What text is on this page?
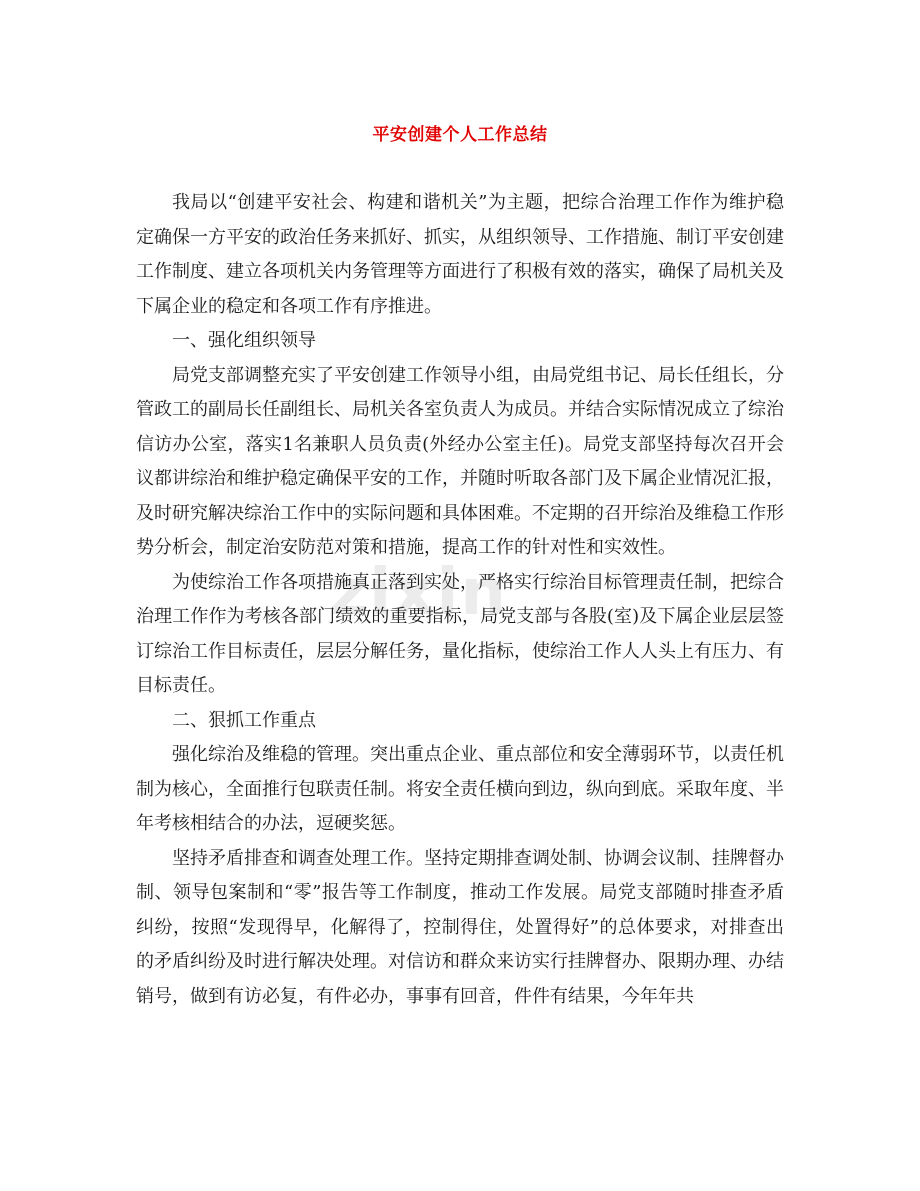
平安创建个人工作总结
zixin

我局以“创建平安社会、构建和谐机关”为主题，把综合治理工作作为维护稳定确保一方平安的政治任务来抓好、抓实，从组织领导、工作措施、制订平安创建工作制度、建立各项机关内务管理等方面进行了积极有效的落实，确保了局机关及下属企业的稳定和各项工作有序推进。

一、强化组织领导

局党支部调整充实了平安创建工作领导小组，由局党组书记、局长任组长，分管政工的副局长任副组长、局机关各室负责人为成员。并结合实际情况成立了综治信访办公室，落实1名兼职人员负责(外经办公室主任)。局党支部坚持每次召开会议都讲综治和维护稳定确保平安的工作，并随时听取各部门及下属企业情况汇报，及时研究解决综治工作中的实际问题和具体困难。不定期的召开综治及维稳工作形势分析会，制定治安防范对策和措施，提高工作的针对性和实效性。

为使综治工作各项措施真正落到实处，严格实行综治目标管理责任制，把综合治理工作作为考核各部门绩效的重要指标，局党支部与各股(室)及下属企业层层签订综治工作目标责任，层层分解任务，量化指标，使综治工作人人头上有压力、有目标责任。

二、狠抓工作重点

强化综治及维稳的管理。突出重点企业、重点部位和安全薄弱环节，以责任机制为核心，全面推行包联责任制。将安全责任横向到边，纵向到底。采取年度、半年考核相结合的办法，逗硬奖惩。

坚持矛盾排查和调查处理工作。坚持定期排查调处制、协调会议制、挂牌督办制、领导包案制和“零”报告等工作制度，推动工作发展。局党支部随时排查矛盾纠纷，按照“发现得早，化解得了，控制得住，处置得好”的总体要求，对排查出的矛盾纠纷及时进行解决处理。对信访和群众来访实行挂牌督办、限期办理、办结销号，做到有访必复，有件必办，事事有回音，件件有结果，今年年共
